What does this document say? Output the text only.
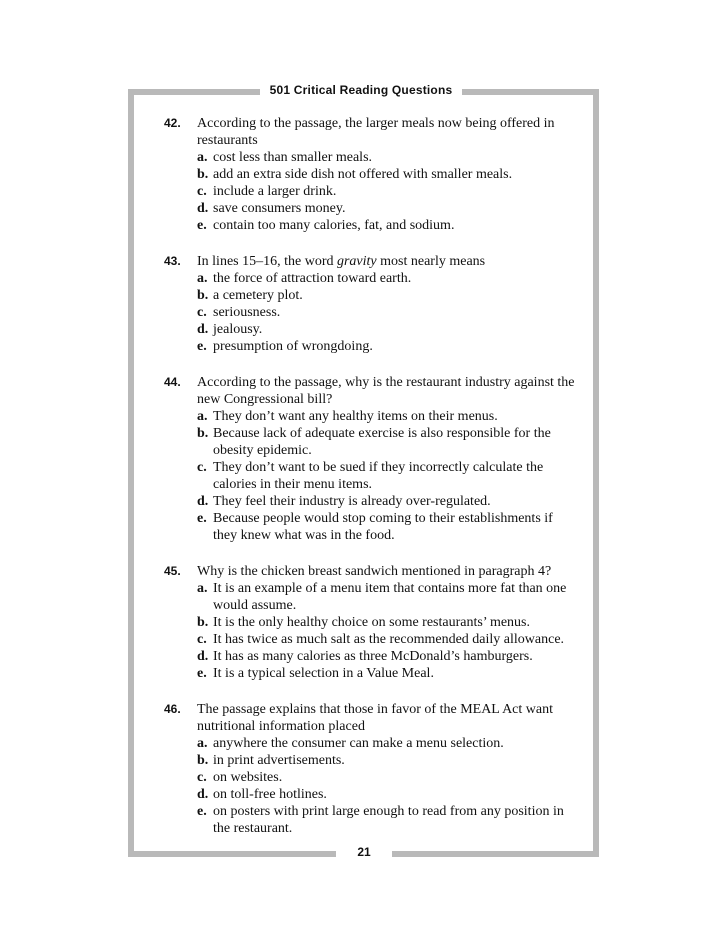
501 Critical Reading Questions
42.	According to the passage, the larger meals now being offered in restaurants
a. cost less than smaller meals.
b. add an extra side dish not offered with smaller meals.
c. include a larger drink.
d. save consumers money.
e. contain too many calories, fat, and sodium.
43.	In lines 15–16, the word gravity most nearly means
a. the force of attraction toward earth.
b. a cemetery plot.
c. seriousness.
d. jealousy.
e. presumption of wrongdoing.
44.	According to the passage, why is the restaurant industry against the new Congressional bill?
a. They don’t want any healthy items on their menus.
b. Because lack of adequate exercise is also responsible for the obesity epidemic.
c. They don’t want to be sued if they incorrectly calculate the calories in their menu items.
d. They feel their industry is already over-regulated.
e. Because people would stop coming to their establishments if they knew what was in the food.
45.	Why is the chicken breast sandwich mentioned in paragraph 4?
a. It is an example of a menu item that contains more fat than one would assume.
b. It is the only healthy choice on some restaurants’ menus.
c. It has twice as much salt as the recommended daily allowance.
d. It has as many calories as three McDonald’s hamburgers.
e. It is a typical selection in a Value Meal.
46.	The passage explains that those in favor of the MEAL Act want nutritional information placed
a. anywhere the consumer can make a menu selection.
b. in print advertisements.
c. on websites.
d. on toll-free hotlines.
e. on posters with print large enough to read from any position in the restaurant.
21
